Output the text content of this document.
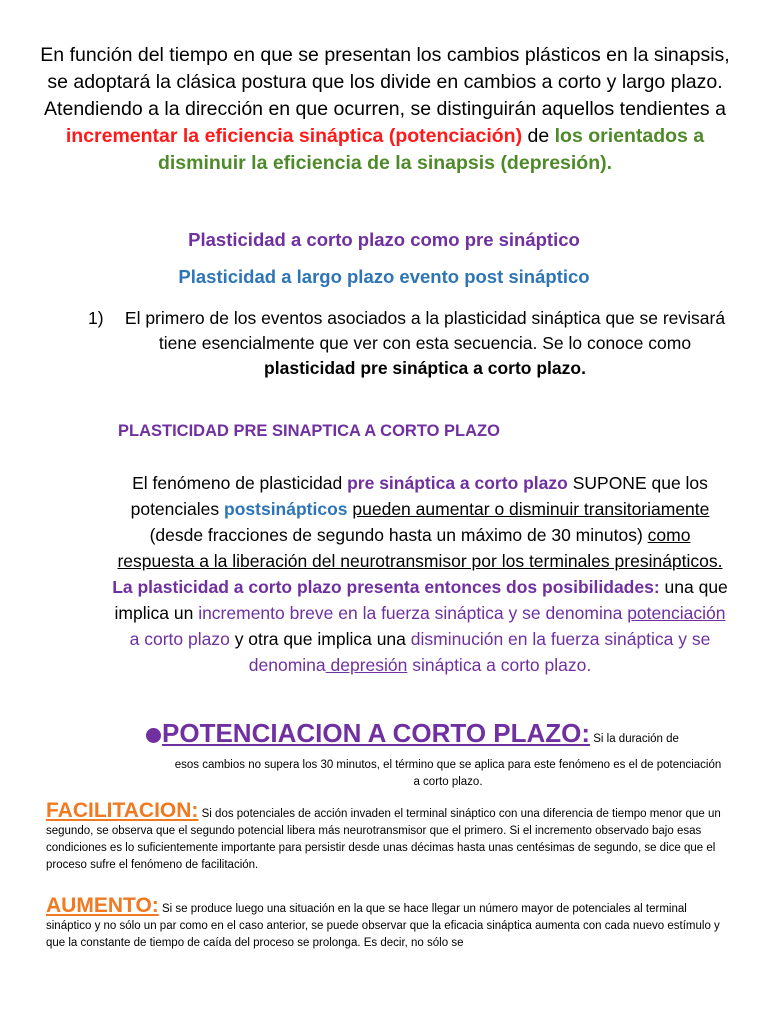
En función del tiempo en que se presentan los cambios plásticos en la sinapsis, se adoptará la clásica postura que los divide en cambios a corto y largo plazo. Atendiendo a la dirección en que ocurren, se distinguirán aquellos tendientes a incrementar la eficiencia sináptica (potenciación) de los orientados a disminuir la eficiencia de la sinapsis (depresión).
Plasticidad a corto plazo como pre sináptico
Plasticidad a largo plazo evento post sináptico
1) El primero de los eventos asociados a la plasticidad sináptica que se revisará tiene esencialmente que ver con esta secuencia. Se lo conoce como plasticidad pre sináptica a corto plazo.
PLASTICIDAD PRE SINAPTICA A CORTO PLAZO
El fenómeno de plasticidad pre sináptica a corto plazo SUPONE que los potenciales postsinápticos pueden aumentar o disminuir transitoriamente (desde fracciones de segundo hasta un máximo de 30 minutos) como respuesta a la liberación del neurotransmisor por los terminales presinápticos.
La plasticidad a corto plazo presenta entonces dos posibilidades: una que implica un incremento breve en la fuerza sináptica y se denomina potenciación a corto plazo y otra que implica una disminución en la fuerza sináptica y se denomina depresión sináptica a corto plazo.
POTENCIACION A CORTO PLAZO: Si la duración de
esos cambios no supera los 30 minutos, el término que se aplica para este fenómeno es el de potenciación a corto plazo.
FACILITACION: Si dos potenciales de acción invaden el terminal sináptico con una diferencia de tiempo menor que un segundo, se observa que el segundo potencial libera más neurotransmisor que el primero. Si el incremento observado bajo esas condiciones es lo suficientemente importante para persistir desde unas décimas hasta unas centésimas de segundo, se dice que el proceso sufre el fenómeno de facilitación.
AUMENTO: Si se produce luego una situación en la que se hace llegar un número mayor de potenciales al terminal sináptico y no sólo un par como en el caso anterior, se puede observar que la eficacia sináptica aumenta con cada nuevo estímulo y que la constante de tiempo de caída del proceso se prolonga. Es decir, no sólo se
